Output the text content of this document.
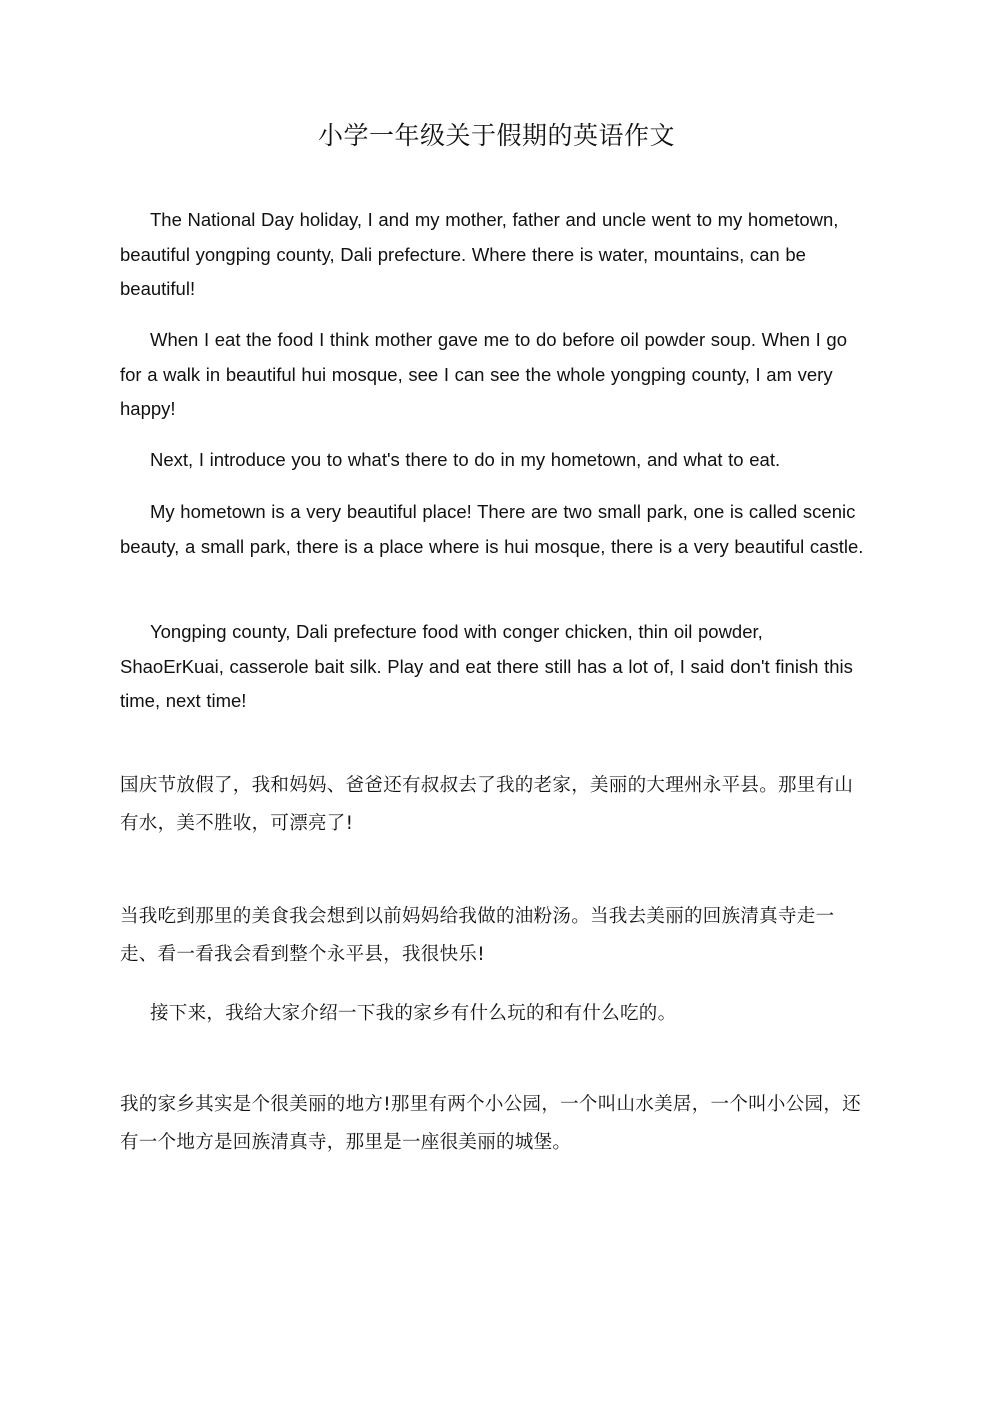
小学一年级关于假期的英语作文

The National Day holiday, I and my mother, father and uncle went to my hometown, beautiful yongping county, Dali prefecture. Where there is water, mountains, can be beautiful!

When I eat the food I think mother gave me to do before oil powder soup. When I go for a walk in beautiful hui mosque, see I can see the whole yongping county, I am very happy!

Next, I introduce you to what's there to do in my hometown, and what to eat.

My hometown is a very beautiful place! There are two small park, one is called scenic beauty, a small park, there is a place where is hui mosque, there is a very beautiful castle.

Yongping county, Dali prefecture food with conger chicken, thin oil powder, ShaoErKuai, casserole bait silk. Play and eat there still has a lot of, I said don't finish this time, next time!

国庆节放假了，我和妈妈、爸爸还有叔叔去了我的老家，美丽的大理州永平县。那里有山有水，美不胜收，可漂亮了!

当我吃到那里的美食我会想到以前妈妈给我做的油粉汤。当我去美丽的回族清真寺走一走、看一看我会看到整个永平县，我很快乐!

接下来，我给大家介绍一下我的家乡有什么玩的和有什么吃的。

我的家乡其实是个很美丽的地方!那里有两个小公园，一个叫山水美居，一个叫小公园，还有一个地方是回族清真寺，那里是一座很美丽的城堡。
